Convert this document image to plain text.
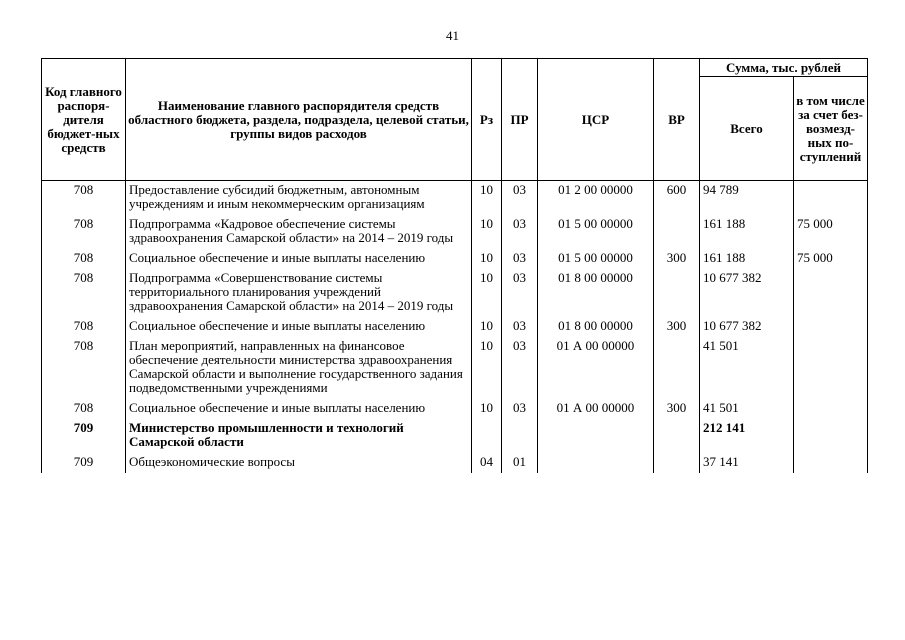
41
Код главного распоря-дителя бюджет-ных средств	Наименование главного распорядителя средств областного бюджета, раздела, подраздела, целевой статьи, группы видов расходов	Рз	ПР	ЦСР	ВР	Сумма, тыс. рублей	
						Всего	в том числе за счет без-возмезд-ных по-ступлений
708	Предоставление субсидий бюджетным, автономным учреждениям и иным некоммерческим организациям	10	03	01 2 00 00000	600	94 789	
708	Подпрограмма «Кадровое обеспечение системы здравоохранения Самарской области» на 2014 – 2019 годы	10	03	01 5 00 00000		161 188	75 000
708	Социальное обеспечение и иные выплаты населению	10	03	01 5 00 00000	300	161 188	75 000
708	Подпрограмма «Совершенствование системы территориального планирования учреждений здравоохранения Самарской области» на 2014 – 2019 годы	10	03	01 8 00 00000		10 677 382	
708	Социальное обеспечение и иные выплаты населению	10	03	01 8 00 00000	300	10 677 382	
708	План мероприятий, направленных на финансовое обеспечение деятельности министерства здравоохранения Самарской области и выполнение государственного задания подведомственными учреждениями	10	03	01 А 00 00000		41 501	
708	Социальное обеспечение и иные выплаты населению	10	03	01 А 00 00000	300	41 501	
709	Министерство промышленности и технологий Самарской области					212 141	
709	Общеэкономические вопросы	04	01			37 141	
